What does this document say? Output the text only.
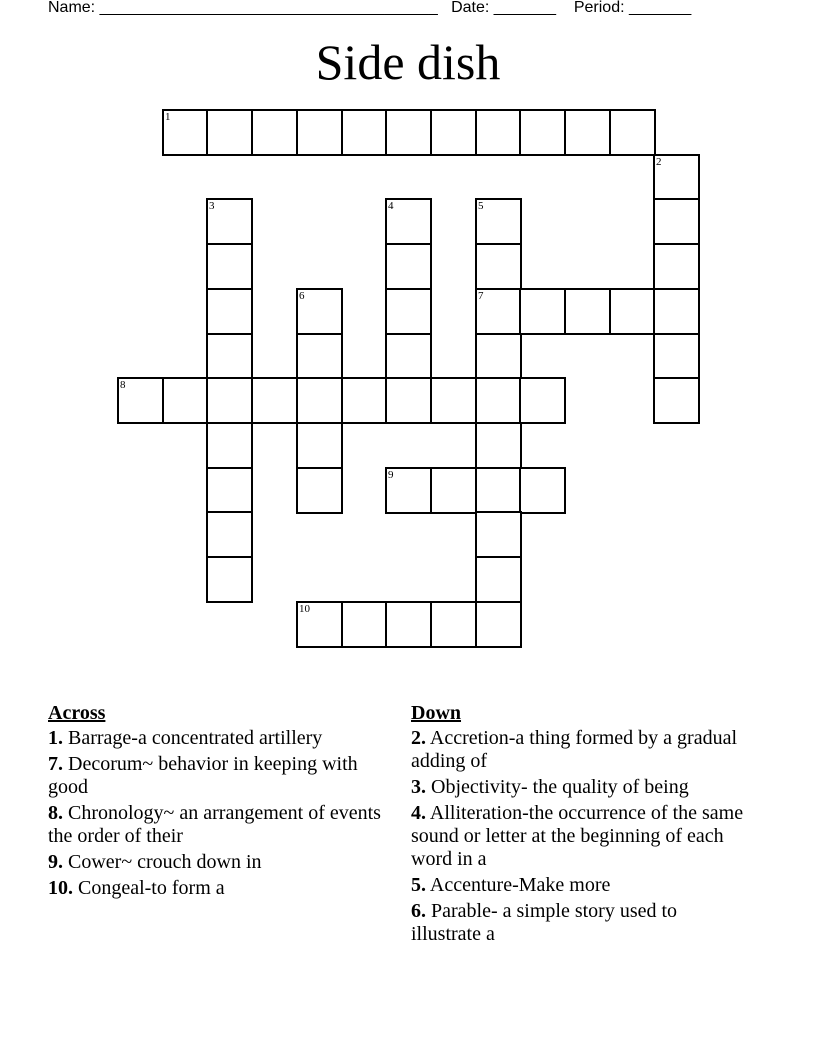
Name: ______________________________________ Date: _______ Period: _______
Side dish
1
2
3	4	5
6	7
8
9
10
Across
1. Barrage-a concentrated artillery
7. Decorum~ behavior in keeping with good
8. Chronology~ an arrangement of events the order of their
9. Cower~ crouch down in
10. Congeal-to form a
Down
2. Accretion-a thing formed by a gradual adding of
3. Objectivity- the quality of being
4. Alliteration-the occurrence of the same sound or letter at the beginning of each word in a
5. Accenture-Make more
6. Parable- a simple story used to illustrate a
